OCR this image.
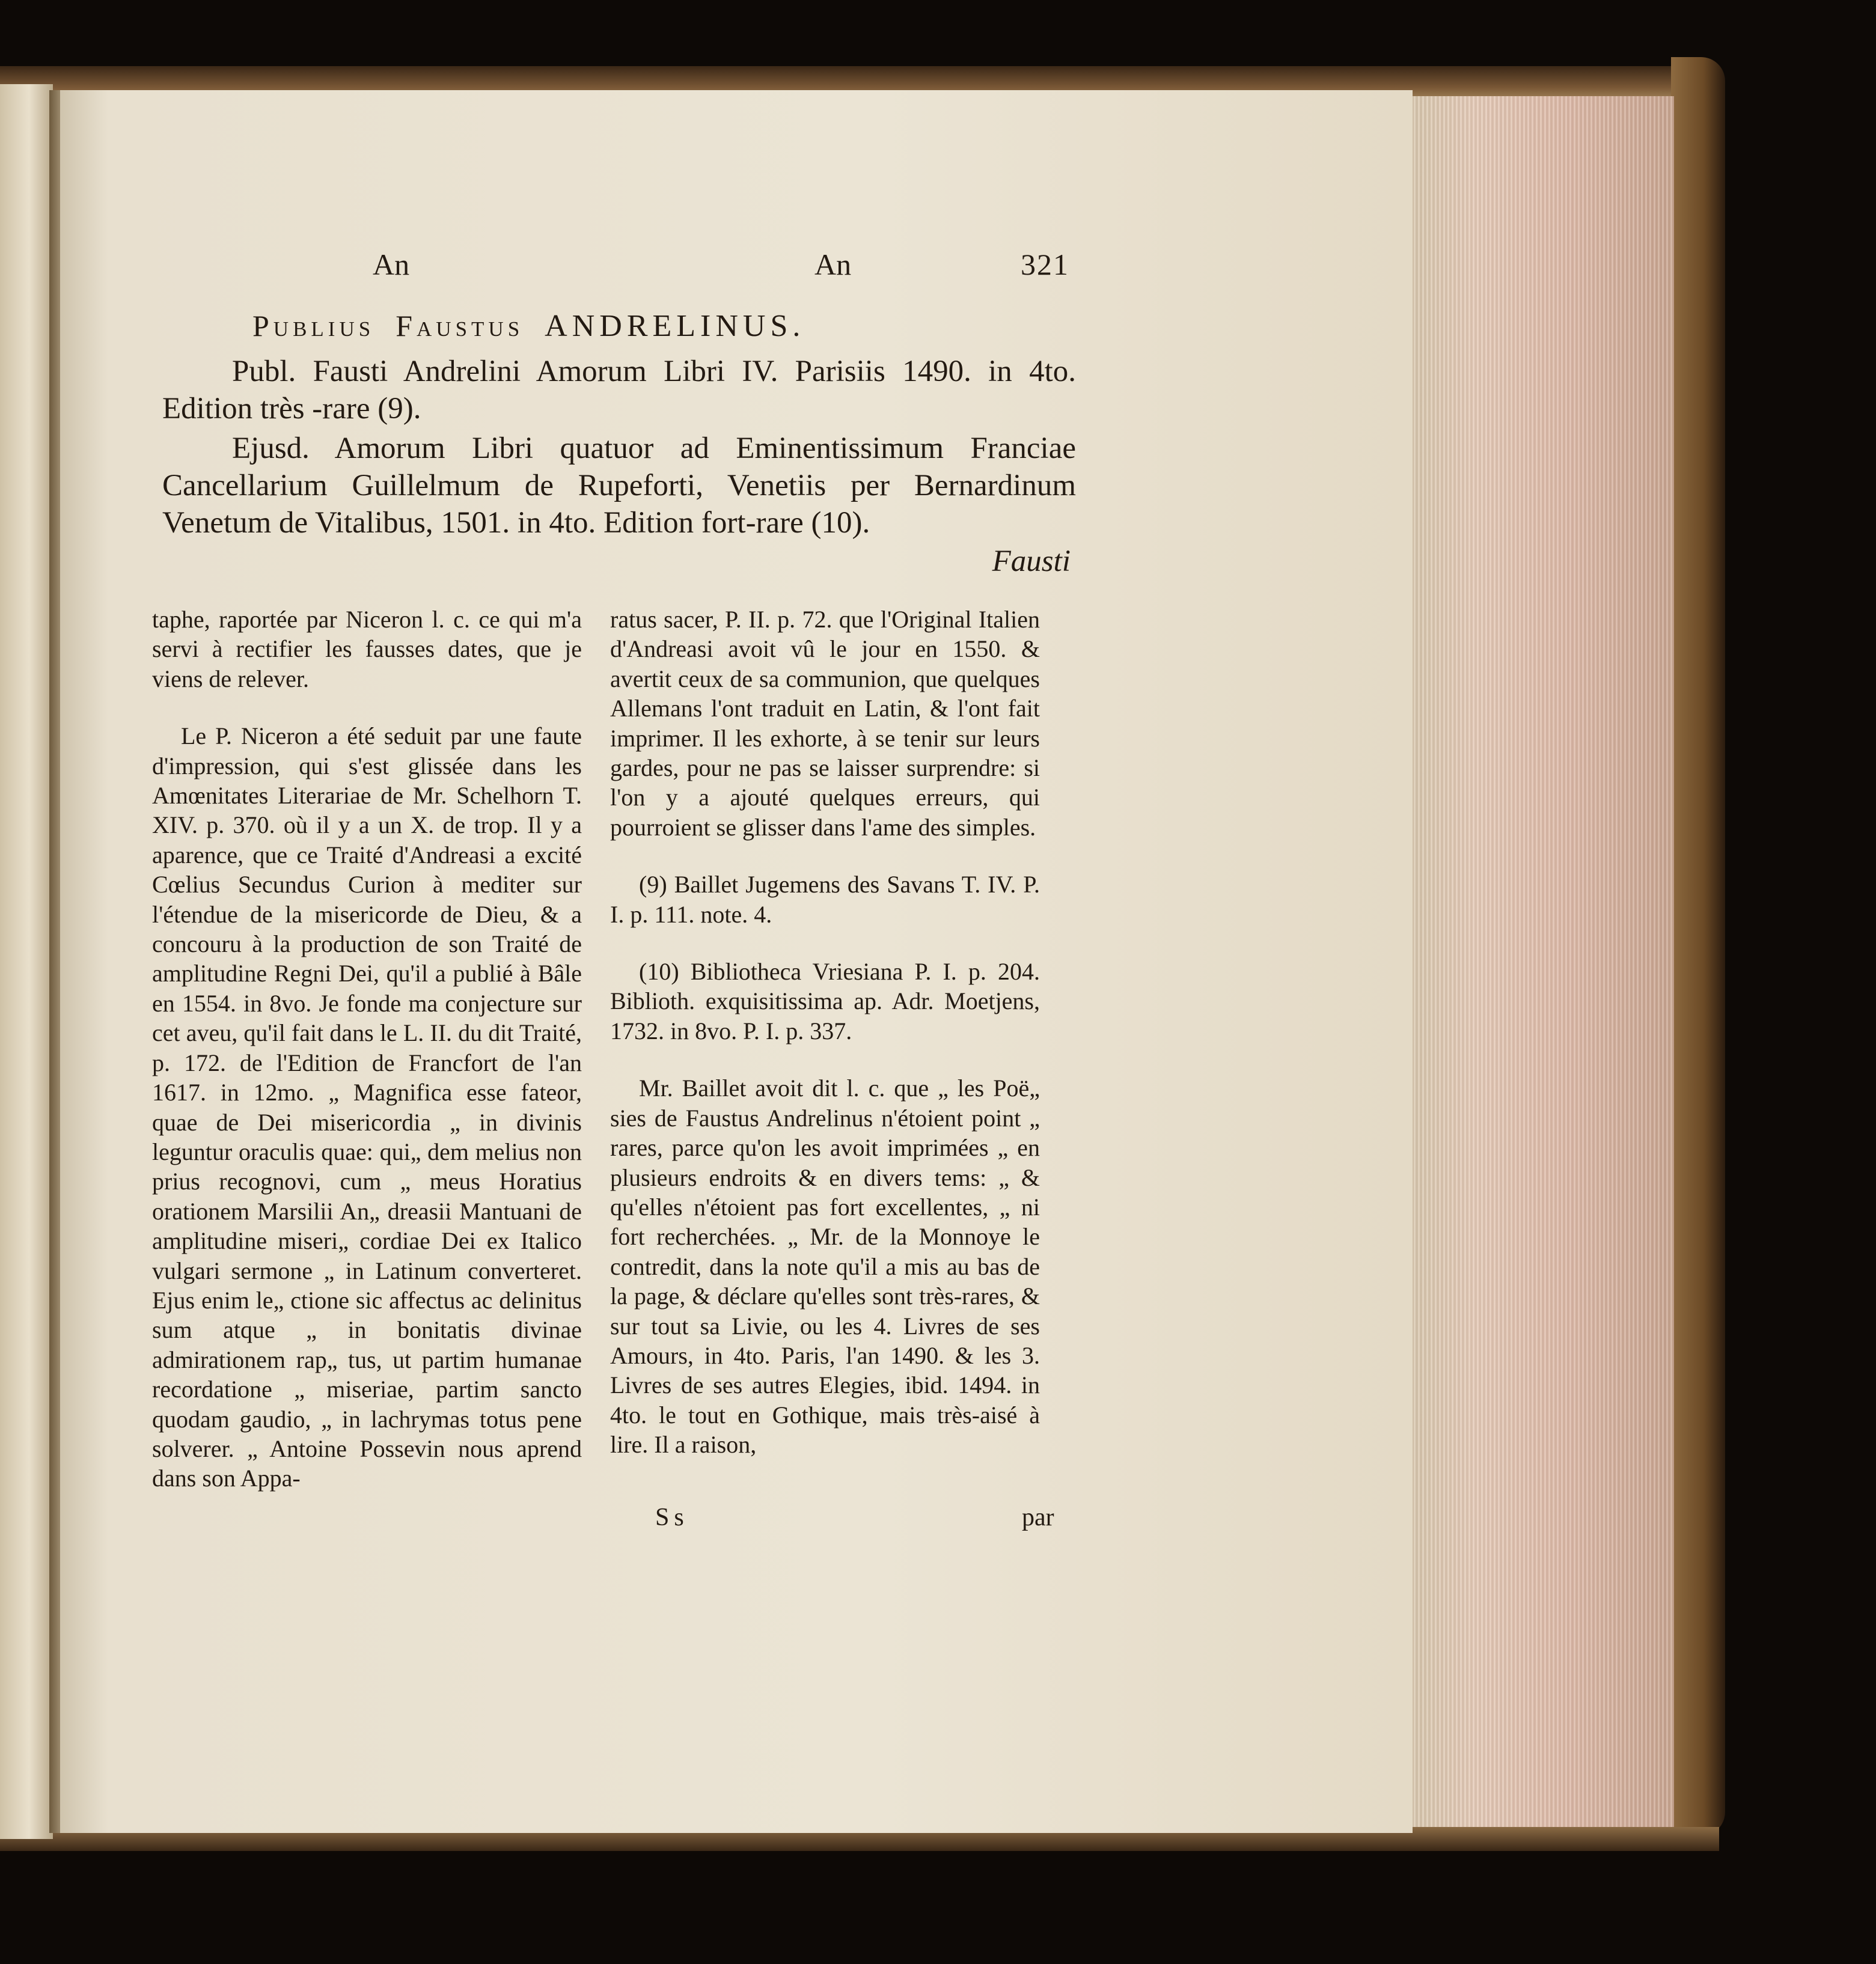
An	An	321
Publius Faustus ANDRELINUS.
Publ. Fausti Andrelini Amorum Libri IV. Parisiis 1490. in 4to. Edition très -rare (9).
Ejusd. Amorum Libri quatuor ad Eminentissimum Franciae Cancellarium Guillelmum de Rupeforti, Venetiis per Bernardinum Venetum de Vitalibus, 1501. in 4to. Edition fort-rare (10).
Fausti

taphe, raportée par Niceron l. c. ce qui m'a servi à rectifier les fausses dates, que je viens de relever.

Le P. Niceron a été seduit par une faute d'impression, qui s'est glissée dans les Amœnitates Literariae de Mr. Schelhorn T. XIV. p. 370. où il y a un X. de trop. Il y a aparence, que ce Traité d'Andreasi a excité Cœlius Secundus Curion à mediter sur l'étendue de la misericorde de Dieu, & a concouru à la production de son Traité de amplitudine Regni Dei, qu'il a publié à Bâle en 1554. in 8vo. Je fonde ma conjecture sur cet aveu, qu'il fait dans le L. II. du dit Traité, p. 172. de l'Edition de Francfort de l'an 1617. in 12mo. „ Magnifica esse fateor, quae de Dei misericordia „ in divinis leguntur oraculis quae: qui„ dem melius non prius recognovi, cum „ meus Horatius orationem Marsilii An„ dreasii Mantuani de amplitudine miseri„ cordiae Dei ex Italico vulgari sermone „ in Latinum converteret. Ejus enim le„ ctione sic affectus ac delinitus sum atque „ in bonitatis divinae admirationem rap„ tus, ut partim humanae recordatione „ miseriae, partim sancto quodam gaudio, „ in lachrymas totus pene solverer. „ Antoine Possevin nous aprend dans son Appa-

ratus sacer, P. II. p. 72. que l'Original Italien d'Andreasi avoit vû le jour en 1550. & avertit ceux de sa communion, que quelques Allemans l'ont traduit en Latin, & l'ont fait imprimer. Il les exhorte, à se tenir sur leurs gardes, pour ne pas se laisser surprendre: si l'on y a ajouté quelques erreurs, qui pourroient se glisser dans l'ame des simples.

(9) Baillet Jugemens des Savans T. IV. P. I. p. 111. note. 4.

(10) Bibliotheca Vriesiana P. I. p. 204. Biblioth. exquisitissima ap. Adr. Moetjens, 1732. in 8vo. P. I. p. 337.

Mr. Baillet avoit dit l. c. que „ les Poë„ sies de Faustus Andrelinus n'étoient point „ rares, parce qu'on les avoit imprimées „ en plusieurs endroits & en divers tems: „ & qu'elles n'étoient pas fort excellentes, „ ni fort recherchées. „ Mr. de la Monnoye le contredit, dans la note qu'il a mis au bas de la page, & déclare qu'elles sont très-rares, & sur tout sa Livie, ou les 4. Livres de ses Amours, in 4to. Paris, l'an 1490. & les 3. Livres de ses autres Elegies, ibid. 1494. in 4to. le tout en Gothique, mais très-aisé à lire. Il a raison,

Ss	par
